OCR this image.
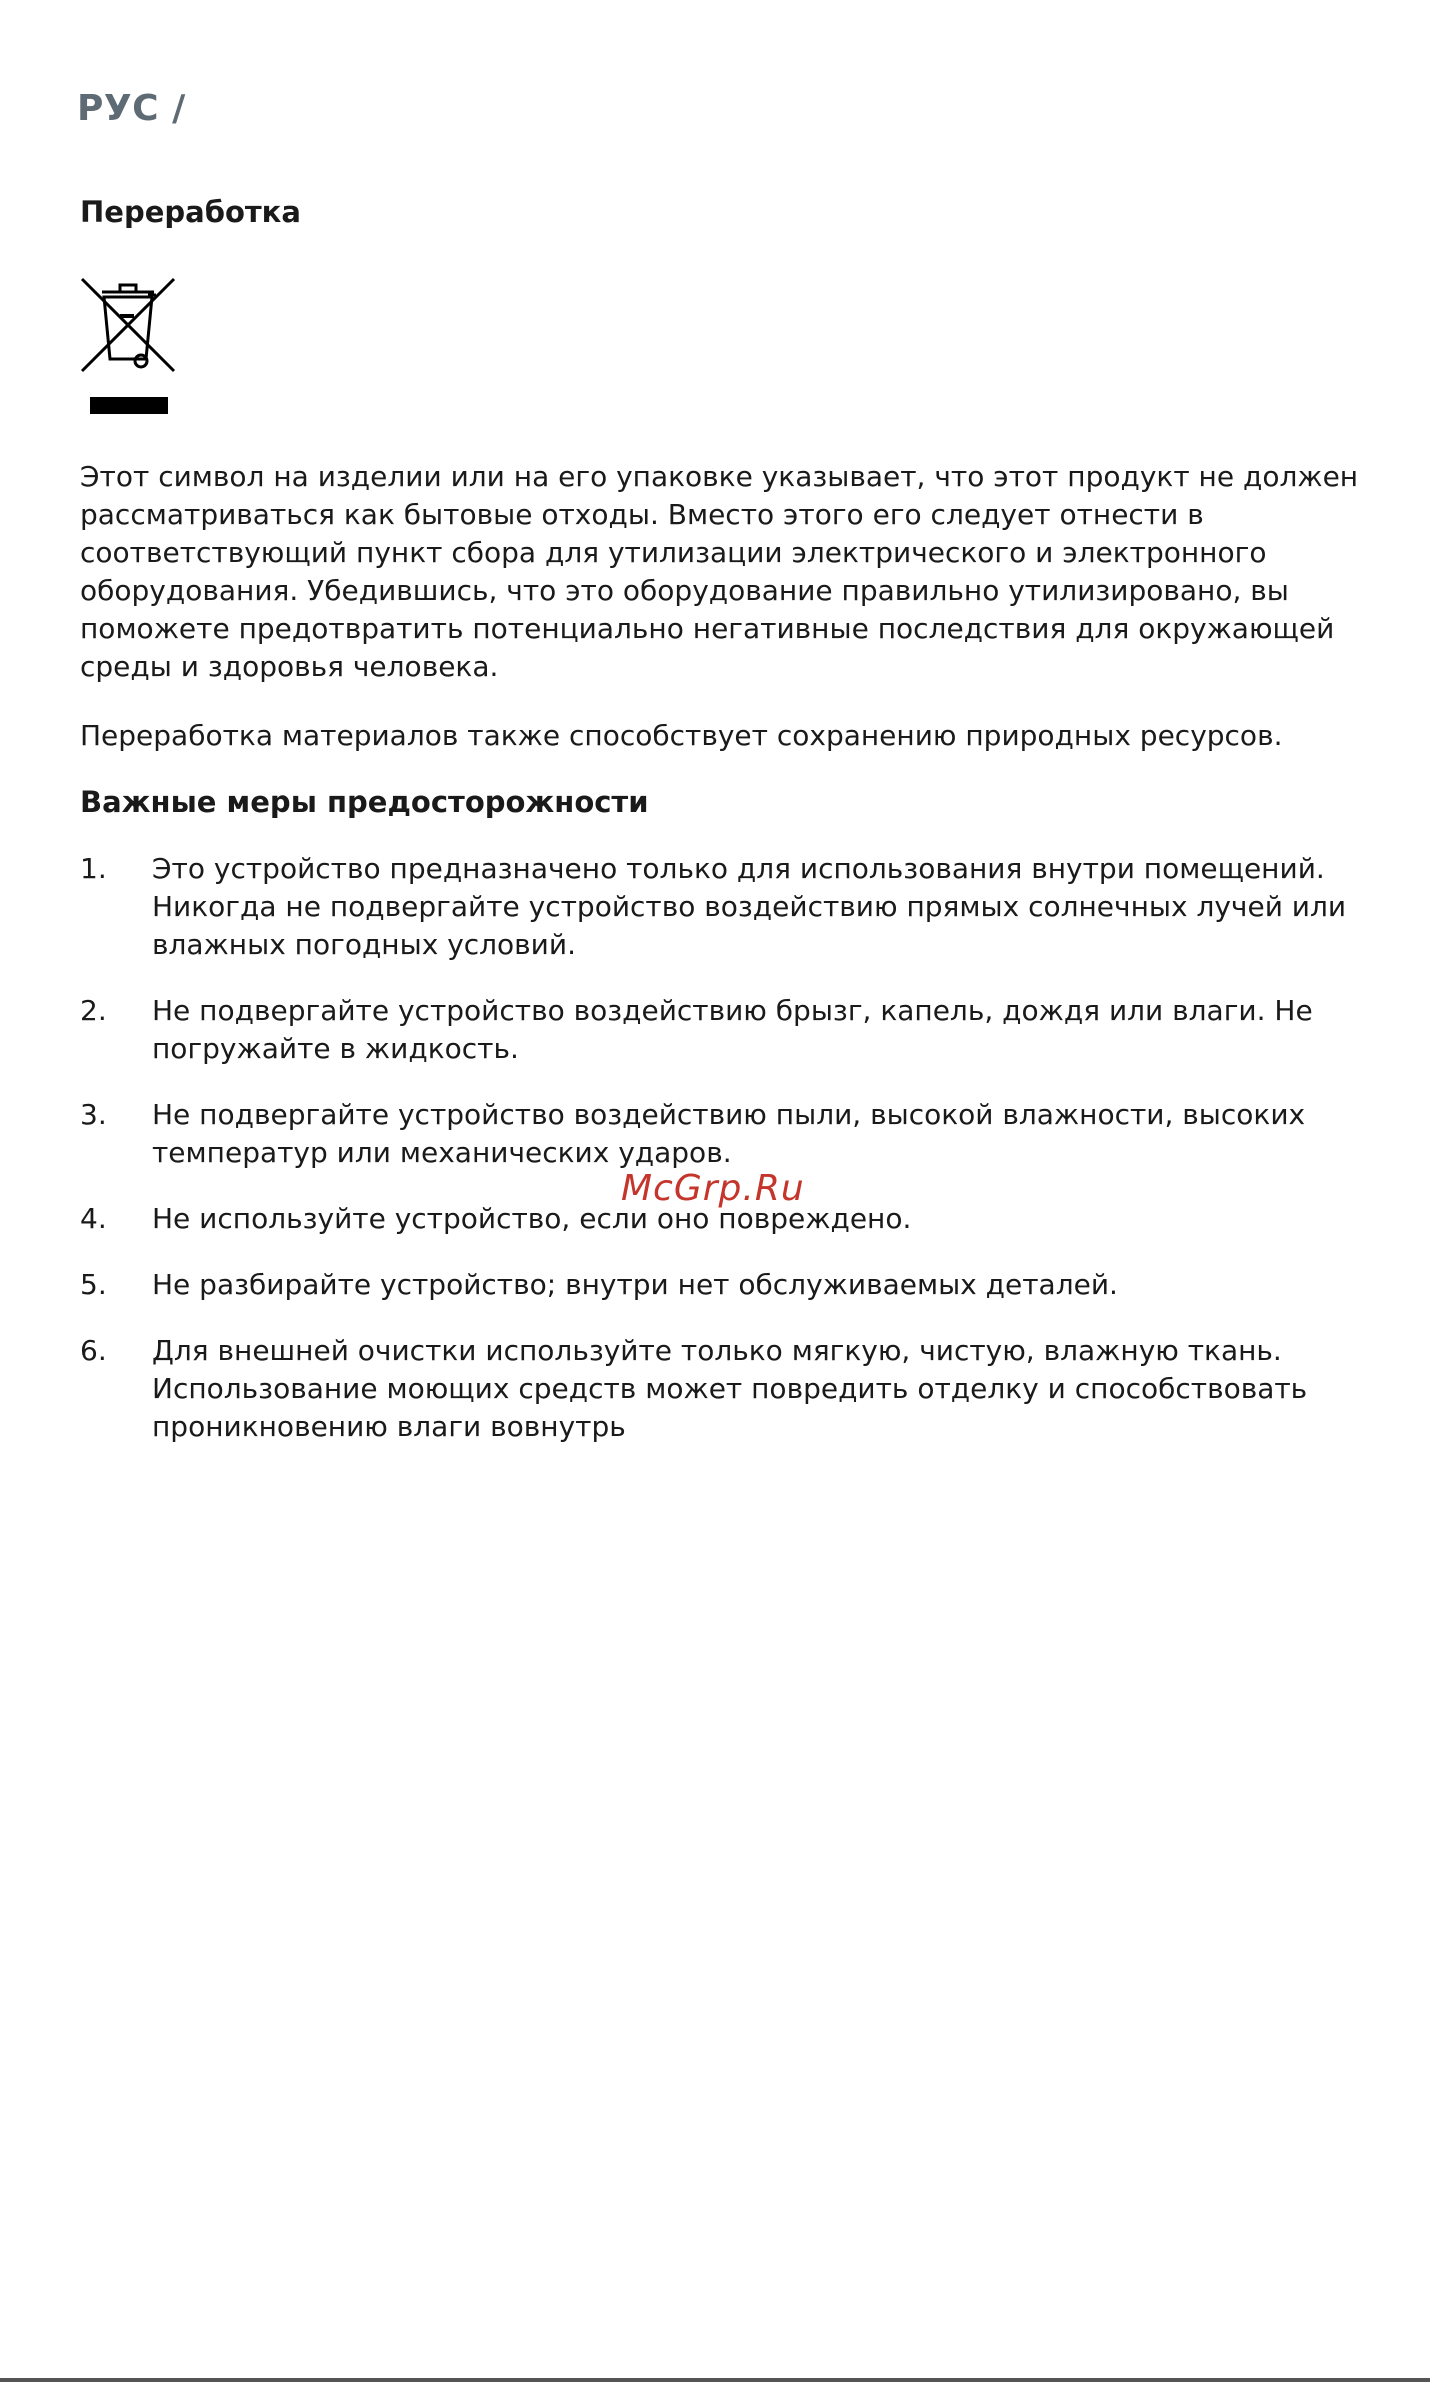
РУС /
Переработка
Этот символ на изделии или на его упаковке указывает, что этот продукт не должен рассматриваться как бытовые отходы. Вместо этого его следует отнести в соответствующий пункт сбора для утилизации электрического и электронного оборудования. Убедившись, что это оборудование правильно утилизировано, вы поможете предотвратить потенциально негативные последствия для окружающей среды и здоровья человека.
Переработка материалов также способствует сохранению природных ресурсов.
Важные меры предосторожности
1.	Это устройство предназначено только для использования внутри помещений. Никогда не подвергайте устройство воздействию прямых солнечных лучей или влажных погодных условий.
2.	Не подвергайте устройство воздействию брызг, капель, дождя или влаги. Не погружайте в жидкость.
3.	Не подвергайте устройство воздействию пыли, высокой влажности, высоких температур или механических ударов.
4.	Не используйте устройство, если оно повреждено.
5.	Не разбирайте устройство; внутри нет обслуживаемых деталей.
6.	Для внешней очистки используйте только мягкую, чистую, влажную ткань. Использование моющих средств может повредить отделку и способствовать проникновению влаги вовнутрь
McGrp.Ru
